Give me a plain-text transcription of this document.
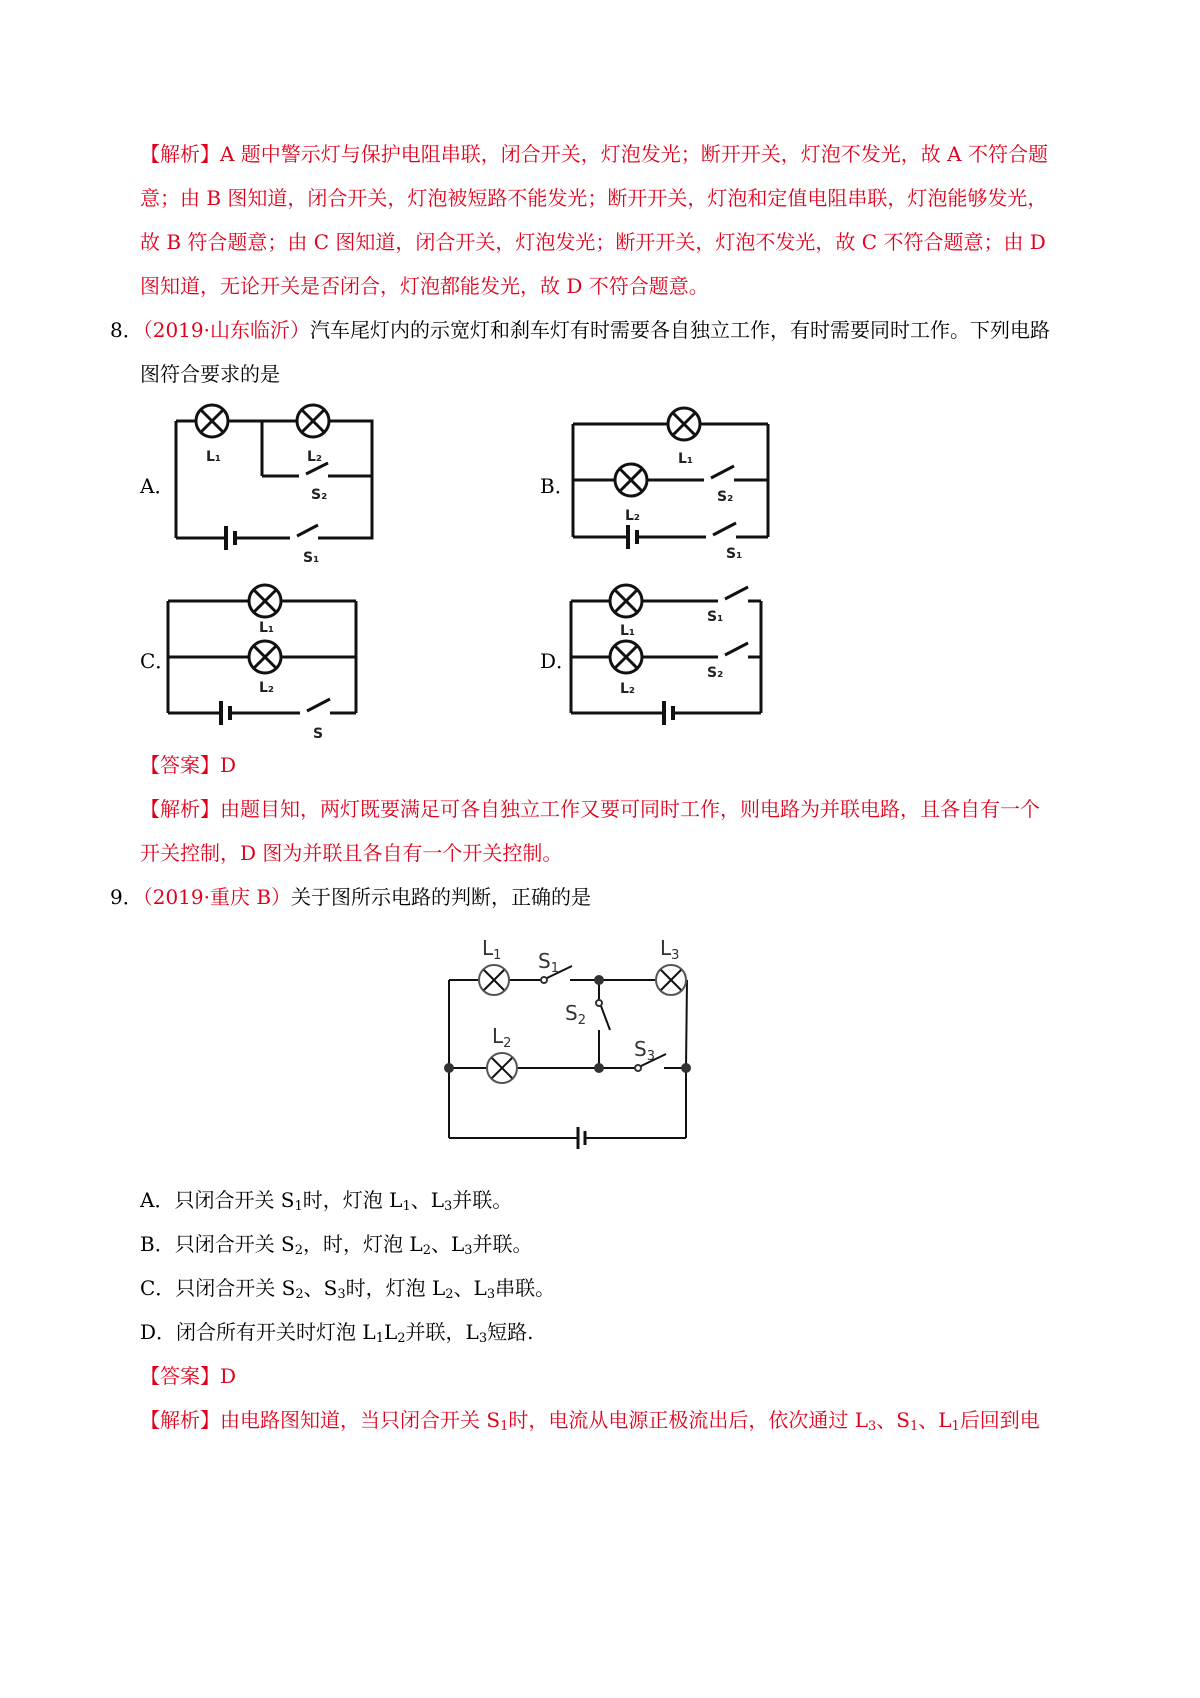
【解析】A 题中警示灯与保护电阻串联，闭合开关，灯泡发光；断开开关，灯泡不发光，故 A 不符合题
意；由 B 图知道，闭合开关，灯泡被短路不能发光；断开开关，灯泡和定值电阻串联，灯泡能够发光，
故 B 符合题意；由 C 图知道，闭合开关，灯泡发光；断开开关，灯泡不发光，故 C 不符合题意；由 D
图知道，无论开关是否闭合，灯泡都能发光，故 D 不符合题意。
8．（2019·山东临沂）汽车尾灯内的示宽灯和刹车灯有时需要各自独立工作，有时需要同时工作。下列电路
图符合要求的是
A．	B．
C．	D．
L₁	L₂
S₂
S₁
L₁
S₂
L₂
S₁
L₁
L₂
S
L₁
S₁
L₂
S₂
$L_1$ $S_1$
$L_3$
$S_2$
$L_2$	$S_3$
【答案】D
【解析】由题目知，两灯既要满足可各自独立工作又要可同时工作，则电路为并联电路，且各自有一个
开关控制，D 图为并联且各自有一个开关控制。
9．（2019·重庆 B）关于图所示电路的判断，正确的是
A．只闭合开关 $S_1$时，灯泡 $L_1$、$L_3$并联。
B．只闭合开关 $S_2$，时，灯泡 $L_2$、$L_3$并联。
C．只闭合开关 $S_2$、$S_3$时，灯泡 $L_2$、$L_3$串联。
D．闭合所有开关时灯泡 $L_1L_2$并联，$L_3$短路.
【答案】D
【解析】由电路图知道，当只闭合开关 $S_1$时，电流从电源正极流出后，依次通过 $L_3$、$S_1$、$L_1$后回到电
